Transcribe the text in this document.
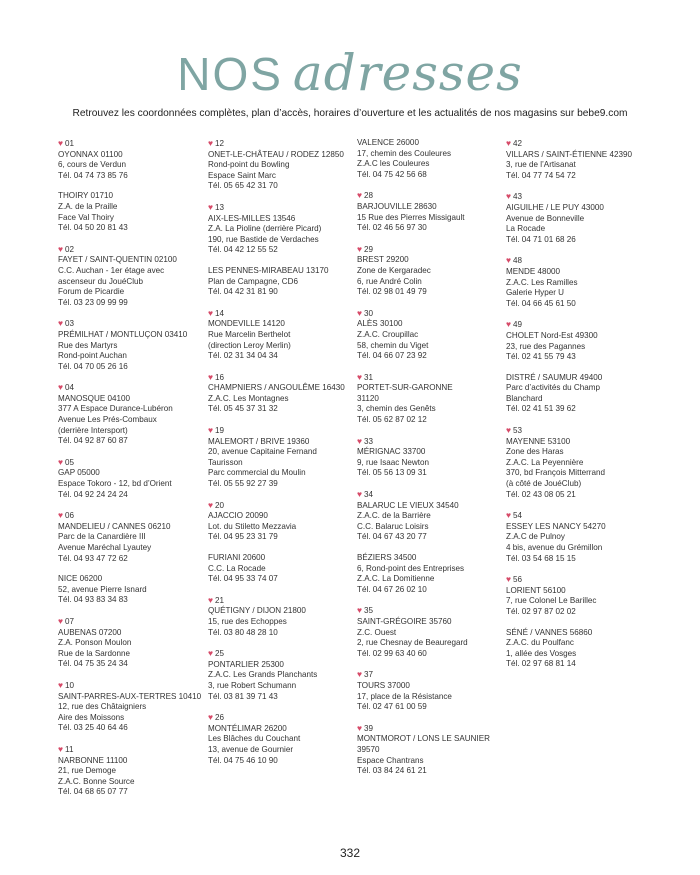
NOS adresses
Retrouvez les coordonnées complètes, plan d’accès, horaires d’ouverture et les actualités de nos magasins sur bebe9.com
♥ 01
OYONNAX 01100
6, cours de Verdun
Tél. 04 74 73 85 76
THOIRY 01710
Z.A. de la Praille
Face Val Thoiry
Tél. 04 50 20 81 43
♥ 02
FAYET / SAINT-QUENTIN 02100
C.C. Auchan - 1er étage avec
ascenseur du JouéClub
Forum de Picardie
Tél. 03 23 09 99 99
♥ 03
PRÉMILHAT / MONTLUÇON 03410
Rue des Martyrs
Rond-point Auchan
Tél. 04 70 05 26 16
♥ 04
MANOSQUE 04100
377 A Espace Durance-Lubéron
Avenue Les Prés-Combaux
(derrière Intersport)
Tél. 04 92 87 60 87
♥ 05
GAP 05000
Espace Tokoro - 12, bd d’Orient
Tél. 04 92 24 24 24
♥ 06
MANDELIEU / CANNES 06210
Parc de la Canardière III
Avenue Maréchal Lyautey
Tél. 04 93 47 72 62
NICE 06200
52, avenue Pierre Isnard
Tél. 04 93 83 34 83
♥ 07
AUBENAS 07200
Z.A. Ponson Moulon
Rue de la Sardonne
Tél. 04 75 35 24 34
♥ 10
SAINT-PARRES-AUX-TERTRES 10410
12, rue des Châtaigniers
Aire des Moissons
Tél. 03 25 40 64 46
♥ 11
NARBONNE 11100
21, rue Demoge
Z.A.C. Bonne Source
Tél. 04 68 65 07 77
♥ 12
ONET-LE-CHÂTEAU / RODEZ 12850
Rond-point du Bowling
Espace Saint Marc
Tél. 05 65 42 31 70
♥ 13
AIX-LES-MILLES 13546
Z.A. La Pioline (derrière Picard)
190, rue Bastide de Verdaches
Tél. 04 42 12 55 52
LES PENNES-MIRABEAU 13170
Plan de Campagne, CD6
Tél. 04 42 31 81 90
♥ 14
MONDEVILLE 14120
Rue Marcelin Berthelot
(direction Leroy Merlin)
Tél. 02 31 34 04 34
♥ 16
CHAMPNIERS / ANGOULÊME 16430
Z.A.C. Les Montagnes
Tél. 05 45 37 31 32
♥ 19
MALEMORT / BRIVE 19360
20, avenue Capitaine Fernand
Taurisson
Parc commercial du Moulin
Tél. 05 55 92 27 39
♥ 20
AJACCIO 20090
Lot. du Stiletto Mezzavia
Tél. 04 95 23 31 79
FURIANI 20600
C.C. La Rocade
Tél. 04 95 33 74 07
♥ 21
QUÉTIGNY / DIJON 21800
15, rue des Echoppes
Tél. 03 80 48 28 10
♥ 25
PONTARLIER 25300
Z.A.C. Les Grands Planchants
3, rue Robert Schumann
Tél. 03 81 39 71 43
♥ 26
MONTÉLIMAR 26200
Les Blâches du Couchant
13, avenue de Gournier
Tél. 04 75 46 10 90
VALENCE 26000
17, chemin des Couleures
Z.A.C les Couleures
Tél. 04 75 42 56 68
♥ 28
BARJOUVILLE 28630
15 Rue des Pierres Missigault
Tél. 02 46 56 97 30
♥ 29
BREST 29200
Zone de Kergaradec
6, rue André Colin
Tél. 02 98 01 49 79
♥ 30
ALÈS 30100
Z.A.C. Croupillac
58, chemin du Viget
Tél. 04 66 07 23 92
♥ 31
PORTET-SUR-GARONNE
31120
3, chemin des Genêts
Tél. 05 62 87 02 12
♥ 33
MÉRIGNAC 33700
9, rue Isaac Newton
Tél. 05 56 13 09 31
♥ 34
BALARUC LE VIEUX 34540
Z.A.C. de la Barrière
C.C. Balaruc Loisirs
Tél. 04 67 43 20 77
BÉZIERS 34500
6, Rond-point des Entreprises
Z.A.C. La Domitienne
Tél. 04 67 26 02 10
♥ 35
SAINT-GRÉGOIRE 35760
Z.C. Ouest
2, rue Chesnay de Beauregard
Tél. 02 99 63 40 60
♥ 37
TOURS 37000
17, place de la Résistance
Tél. 02 47 61 00 59
♥ 39
MONTMOROT / LONS LE SAUNIER
39570
Espace Chantrans
Tél. 03 84 24 61 21
♥ 42
VILLARS / SAINT-ÉTIENNE 42390
3, rue de l’Artisanat
Tél. 04 77 74 54 72
♥ 43
AIGUILHE / LE PUY 43000
Avenue de Bonneville
La Rocade
Tél. 04 71 01 68 26
♥ 48
MENDE 48000
Z.A.C. Les Ramilles
Galerie Hyper U
Tél. 04 66 45 61 50
♥ 49
CHOLET Nord-Est 49300
23, rue des Pagannes
Tél. 02 41 55 79 43
DISTRÉ / SAUMUR 49400
Parc d’activités du Champ
Blanchard
Tél. 02 41 51 39 62
♥ 53
MAYENNE 53100
Zone des Haras
Z.A.C. La Peyennière
370, bd François Mitterrand
(à côté de JouéClub)
Tél. 02 43 08 05 21
♥ 54
ESSEY LES NANCY 54270
Z.A.C de Pulnoy
4 bis, avenue du Grémillon
Tél. 03 54 68 15 15
♥ 56
LORIENT 56100
7, rue Colonel Le Barillec
Tél. 02 97 87 02 02
SÉNÉ / VANNES 56860
Z.A.C. du Poulfanc
1, allée des Vosges
Tél. 02 97 68 81 14
332
